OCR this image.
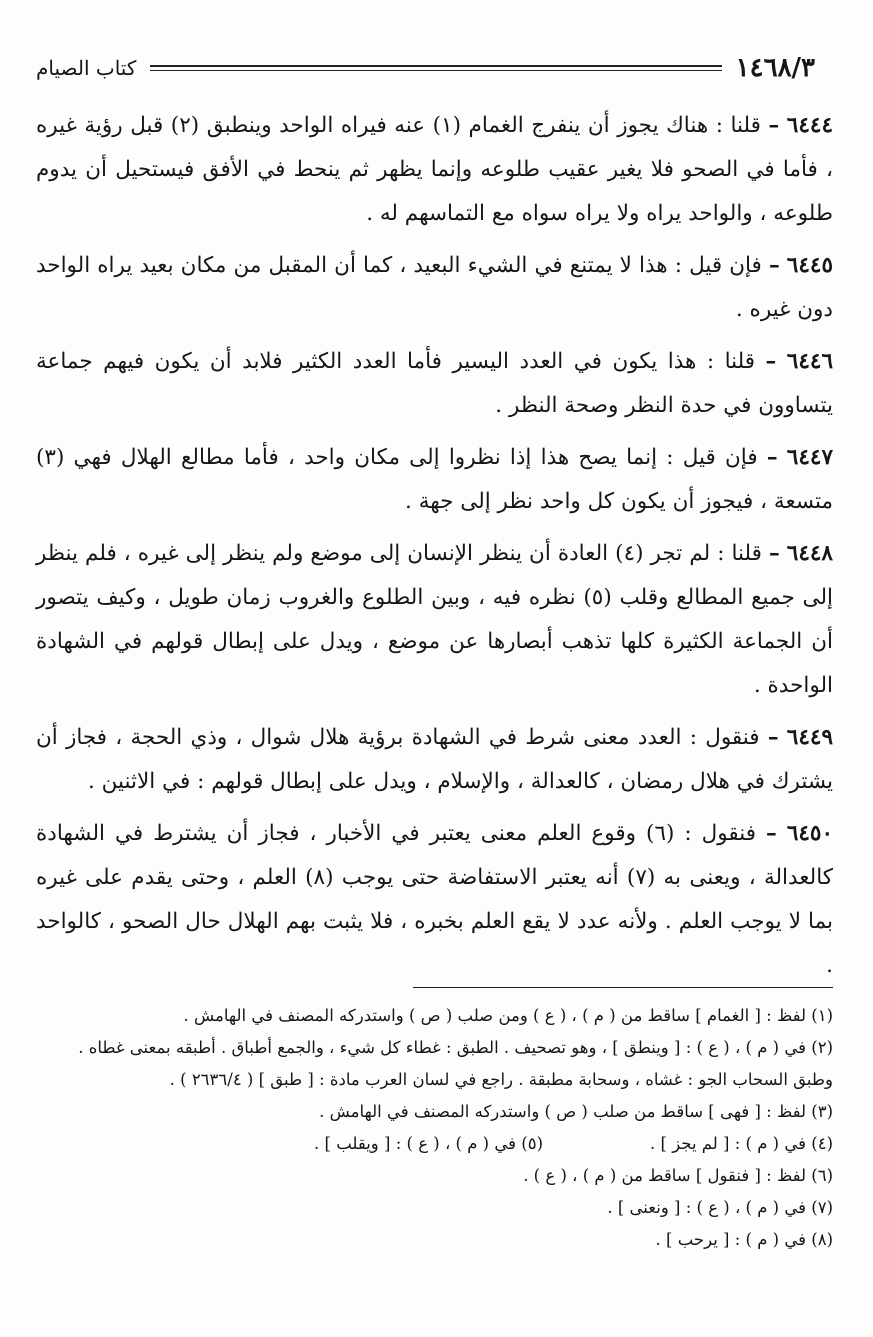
١٤٦٨/٣
كتاب الصيام

٦٤٤٤ – قلنا : هناك يجوز أن ينفرج الغمام (١) عنه فيراه الواحد وينطبق (٢) قبل رؤية غيره ، فأما في الصحو فلا يغير عقيب طلوعه وإنما يظهر ثم ينحط في الأفق فيستحيل أن يدوم طلوعه ، والواحد يراه ولا يراه سواه مع التماسهم له .

٦٤٤٥ – فإن قيل : هذا لا يمتنع في الشيء البعيد ، كما أن المقبل من مكان بعيد يراه الواحد دون غيره .

٦٤٤٦ – قلنا : هذا يكون في العدد اليسير فأما العدد الكثير فلابد أن يكون فيهم جماعة يتساوون في حدة النظر وصحة النظر .

٦٤٤٧ – فإن قيل : إنما يصح هذا إذا نظروا إلى مكان واحد ، فأما مطالع الهلال فهي (٣) متسعة ، فيجوز أن يكون كل واحد نظر إلى جهة .

٦٤٤٨ – قلنا : لم تجر (٤) العادة أن ينظر الإنسان إلى موضع ولم ينظر إلى غيره ، فلم ينظر إلى جميع المطالع وقلب (٥) نظره فيه ، وبين الطلوع والغروب زمان طويل ، وكيف يتصور أن الجماعة الكثيرة كلها تذهب أبصارها عن موضع ، ويدل على إبطال قولهم في الشهادة الواحدة .

٦٤٤٩ – فنقول : العدد معنى شرط في الشهادة برؤية هلال شوال ، وذي الحجة ، فجاز أن يشترك في هلال رمضان ، كالعدالة ، والإسلام ، ويدل على إبطال قولهم : في الاثنين .

٦٤٥٠ – فنقول : (٦) وقوع العلم معنى يعتبر في الأخبار ، فجاز أن يشترط في الشهادة كالعدالة ، ويعنى به (٧) أنه يعتبر الاستفاضة حتى يوجب (٨) العلم ، وحتى يقدم على غيره بما لا يوجب العلم . ولأنه عدد لا يقع العلم بخبره ، فلا يثبت بهم الهلال حال الصحو ، كالواحد .

(١) لفظ : [ الغمام ] ساقط من ( م ) ، ( ع ) ومن صلب ( ص ) واستدركه المصنف في الهامش .

(٢) في ( م ) ، ( ع ) : [ وينطق ] ، وهو تصحيف . الطبق : غطاء كل شيء ، والجمع أطباق . أطبقه بمعنى غطاه . وطبق السحاب الجو : غشاه ، وسحابة مطبقة . راجع في لسان العرب مادة : [ طبق ] ( ٢٦٣٦/٤ ) .

(٣) لفظ : [ فهى ] ساقط من صلب ( ص ) واستدركه المصنف في الهامش .

(٤) في ( م ) : [ لم يجز ] .
(٥) في ( م ) ، ( ع ) : [ ويقلب ] .

(٦) لفظ : [ فنقول ] ساقط من ( م ) ، ( ع ) .

(٧) في ( م ) ، ( ع ) : [ ونعنى ] .

(٨) في ( م ) : [ يرحب ] .
